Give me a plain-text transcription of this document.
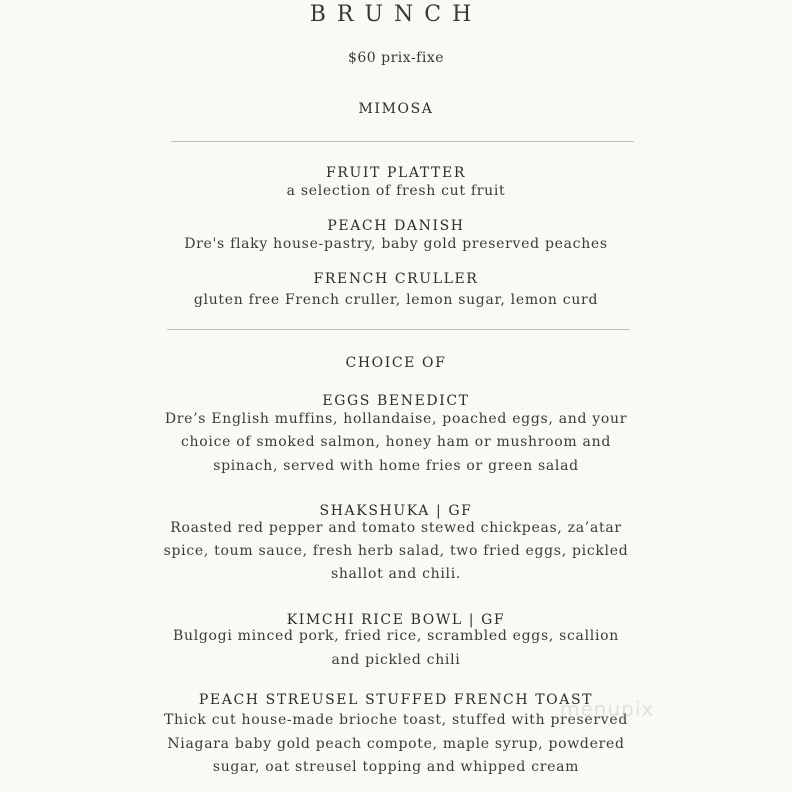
BRUNCH
$60 prix-fixe
MIMOSA
FRUIT PLATTER
a selection of fresh cut fruit
PEACH DANISH
Dre's flaky house-pastry, baby gold preserved peaches
FRENCH CRULLER
gluten free French cruller, lemon sugar, lemon curd
CHOICE OF
EGGS BENEDICT
Dre’s English muffins, hollandaise, poached eggs, and your
choice of smoked salmon, honey ham or mushroom and
spinach, served with home fries or green salad
SHAKSHUKA | GF
Roasted red pepper and tomato stewed chickpeas, za’atar
spice, toum sauce, fresh herb salad, two fried eggs, pickled
shallot and chili.
KIMCHI RICE BOWL | GF
Bulgogi minced pork, fried rice, scrambled eggs, scallion
and pickled chili
PEACH STREUSEL STUFFED FRENCH TOAST
Thick cut house-made brioche toast, stuffed with preserved
Niagara baby gold peach compote, maple syrup, powdered
sugar, oat streusel topping and whipped cream
menupix
